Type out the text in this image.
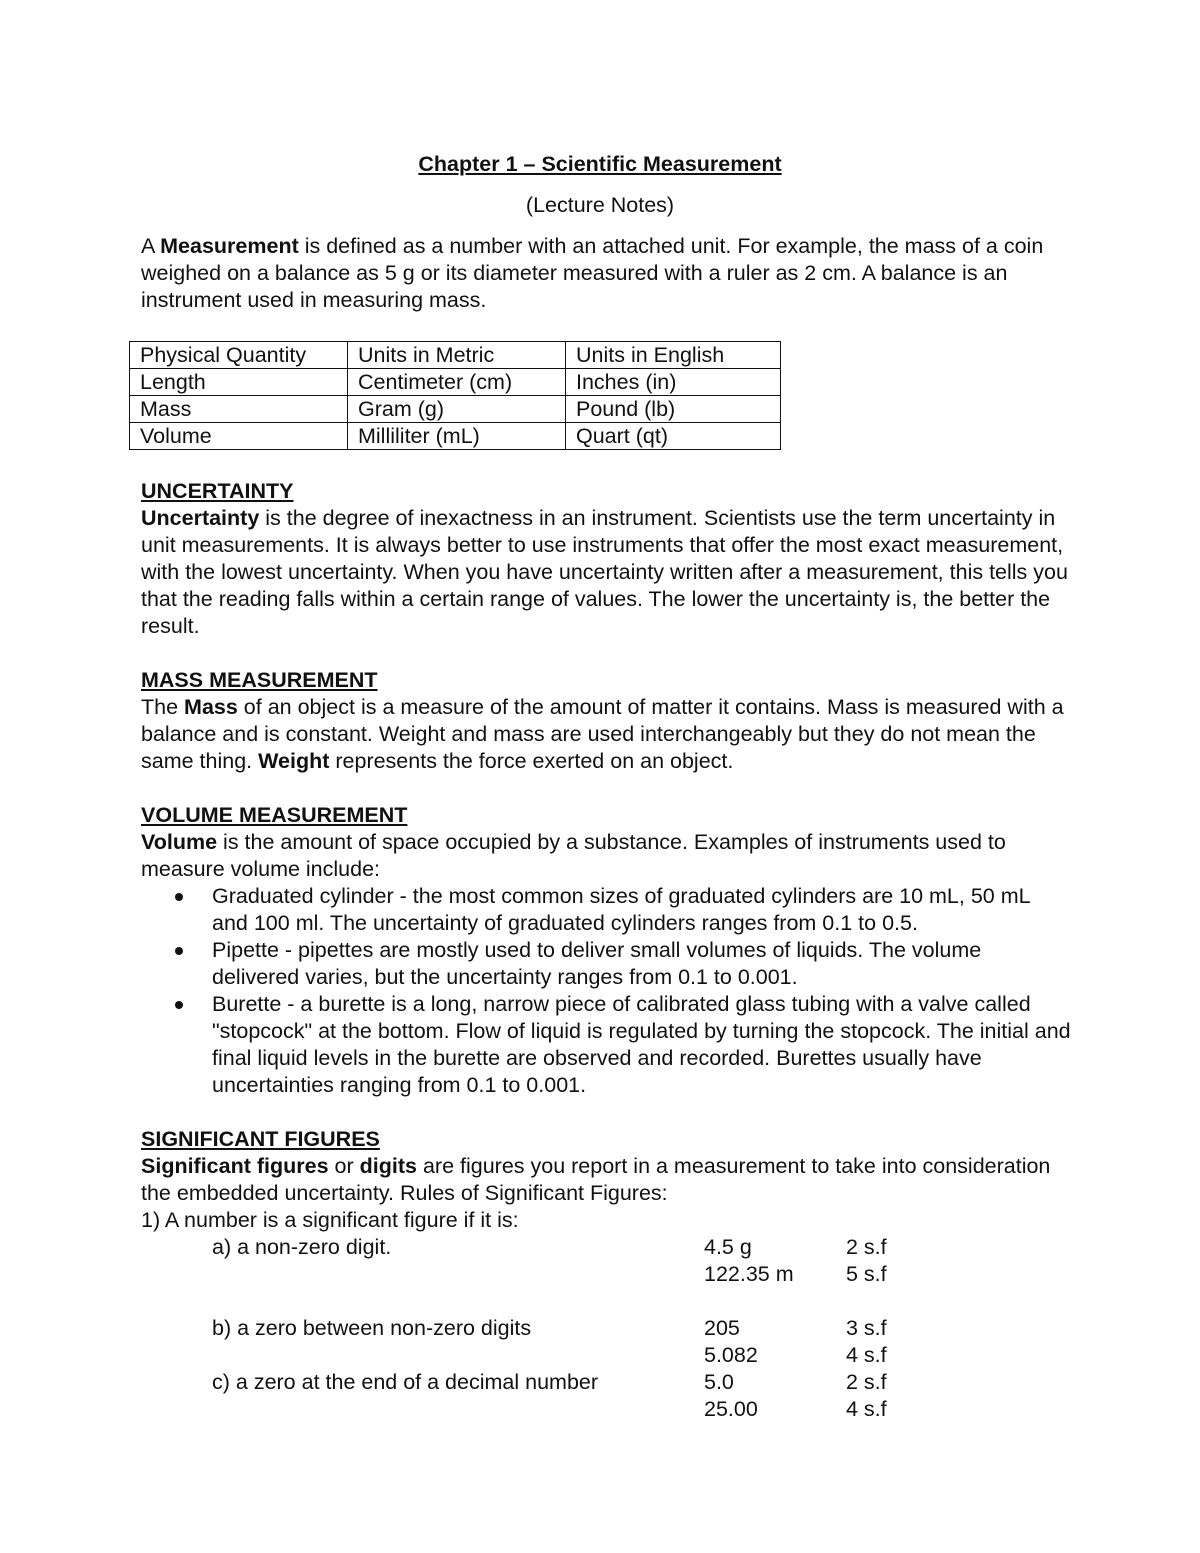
Chapter 1 – Scientific Measurement
(Lecture Notes)
A Measurement is defined as a number with an attached unit. For example, the mass of a coin weighed on a balance as 5 g or its diameter measured with a ruler as 2 cm. A balance is an instrument used in measuring mass.
Physical Quantity	Units in Metric	Units in English
Length	Centimeter (cm)	Inches (in)
Mass	Gram (g)	Pound (lb)
Volume	Milliliter (mL)	Quart (qt)
UNCERTAINTY
Uncertainty is the degree of inexactness in an instrument. Scientists use the term uncertainty in unit measurements. It is always better to use instruments that offer the most exact measurement, with the lowest uncertainty. When you have uncertainty written after a measurement, this tells you that the reading falls within a certain range of values. The lower the uncertainty is, the better the result.
MASS MEASUREMENT
The Mass of an object is a measure of the amount of matter it contains. Mass is measured with a balance and is constant. Weight and mass are used interchangeably but they do not mean the same thing. Weight represents the force exerted on an object.
VOLUME MEASUREMENT
Volume is the amount of space occupied by a substance. Examples of instruments used to measure volume include:
Graduated cylinder - the most common sizes of graduated cylinders are 10 mL, 50 mL and 100 ml. The uncertainty of graduated cylinders ranges from 0.1 to 0.5.
Pipette - pipettes are mostly used to deliver small volumes of liquids. The volume delivered varies, but the uncertainty ranges from 0.1 to 0.001.
Burette - a burette is a long, narrow piece of calibrated glass tubing with a valve called "stopcock" at the bottom. Flow of liquid is regulated by turning the stopcock. The initial and final liquid levels in the burette are observed and recorded. Burettes usually have uncertainties ranging from 0.1 to 0.001.
SIGNIFICANT FIGURES
Significant figures or digits are figures you report in a measurement to take into consideration the embedded uncertainty. Rules of Significant Figures:
1) A number is a significant figure if it is:
a) a non-zero digit.	4.5 g	2 s.f
122.35 m	5 s.f
b) a zero between non-zero digits	205	3 s.f
5.082	4 s.f
c) a zero at the end of a decimal number	5.0	2 s.f
25.00	4 s.f
